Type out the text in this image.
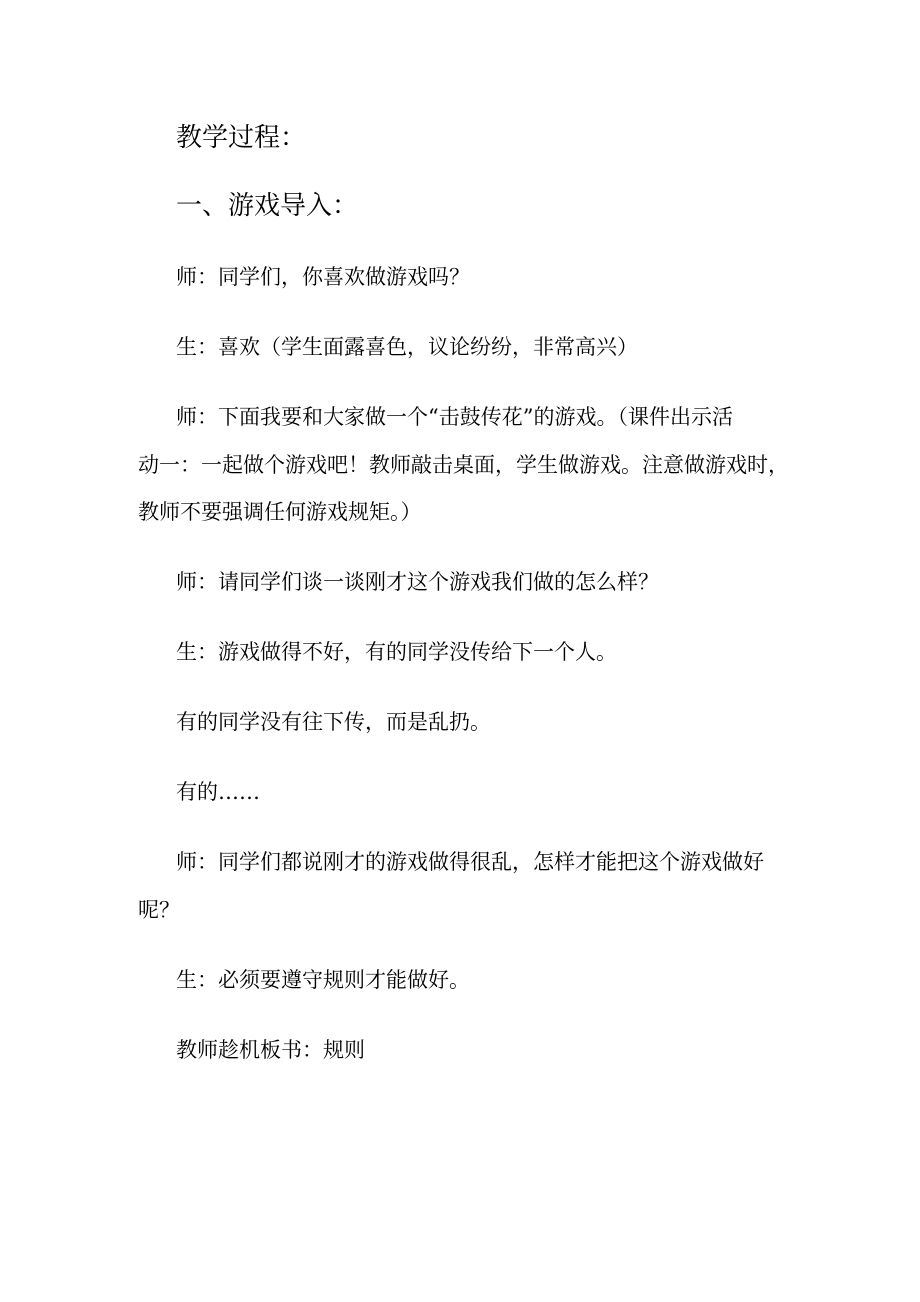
教学过程：
一、游戏导入：
师：同学们，你喜欢做游戏吗？
生：喜欢（学生面露喜色，议论纷纷，非常高兴）
师：下面我要和大家做一个“击鼓传花”的游戏。（课件出示活
动一：一起做个游戏吧！教师敲击桌面，学生做游戏。注意做游戏时，
教师不要强调任何游戏规矩。）
师：请同学们谈一谈刚才这个游戏我们做的怎么样？
生：游戏做得不好，有的同学没传给下一个人。
有的同学没有往下传，而是乱扔。
有的……
师：同学们都说刚才的游戏做得很乱，怎样才能把这个游戏做好
呢？
生：必须要遵守规则才能做好。
教师趁机板书：规则
